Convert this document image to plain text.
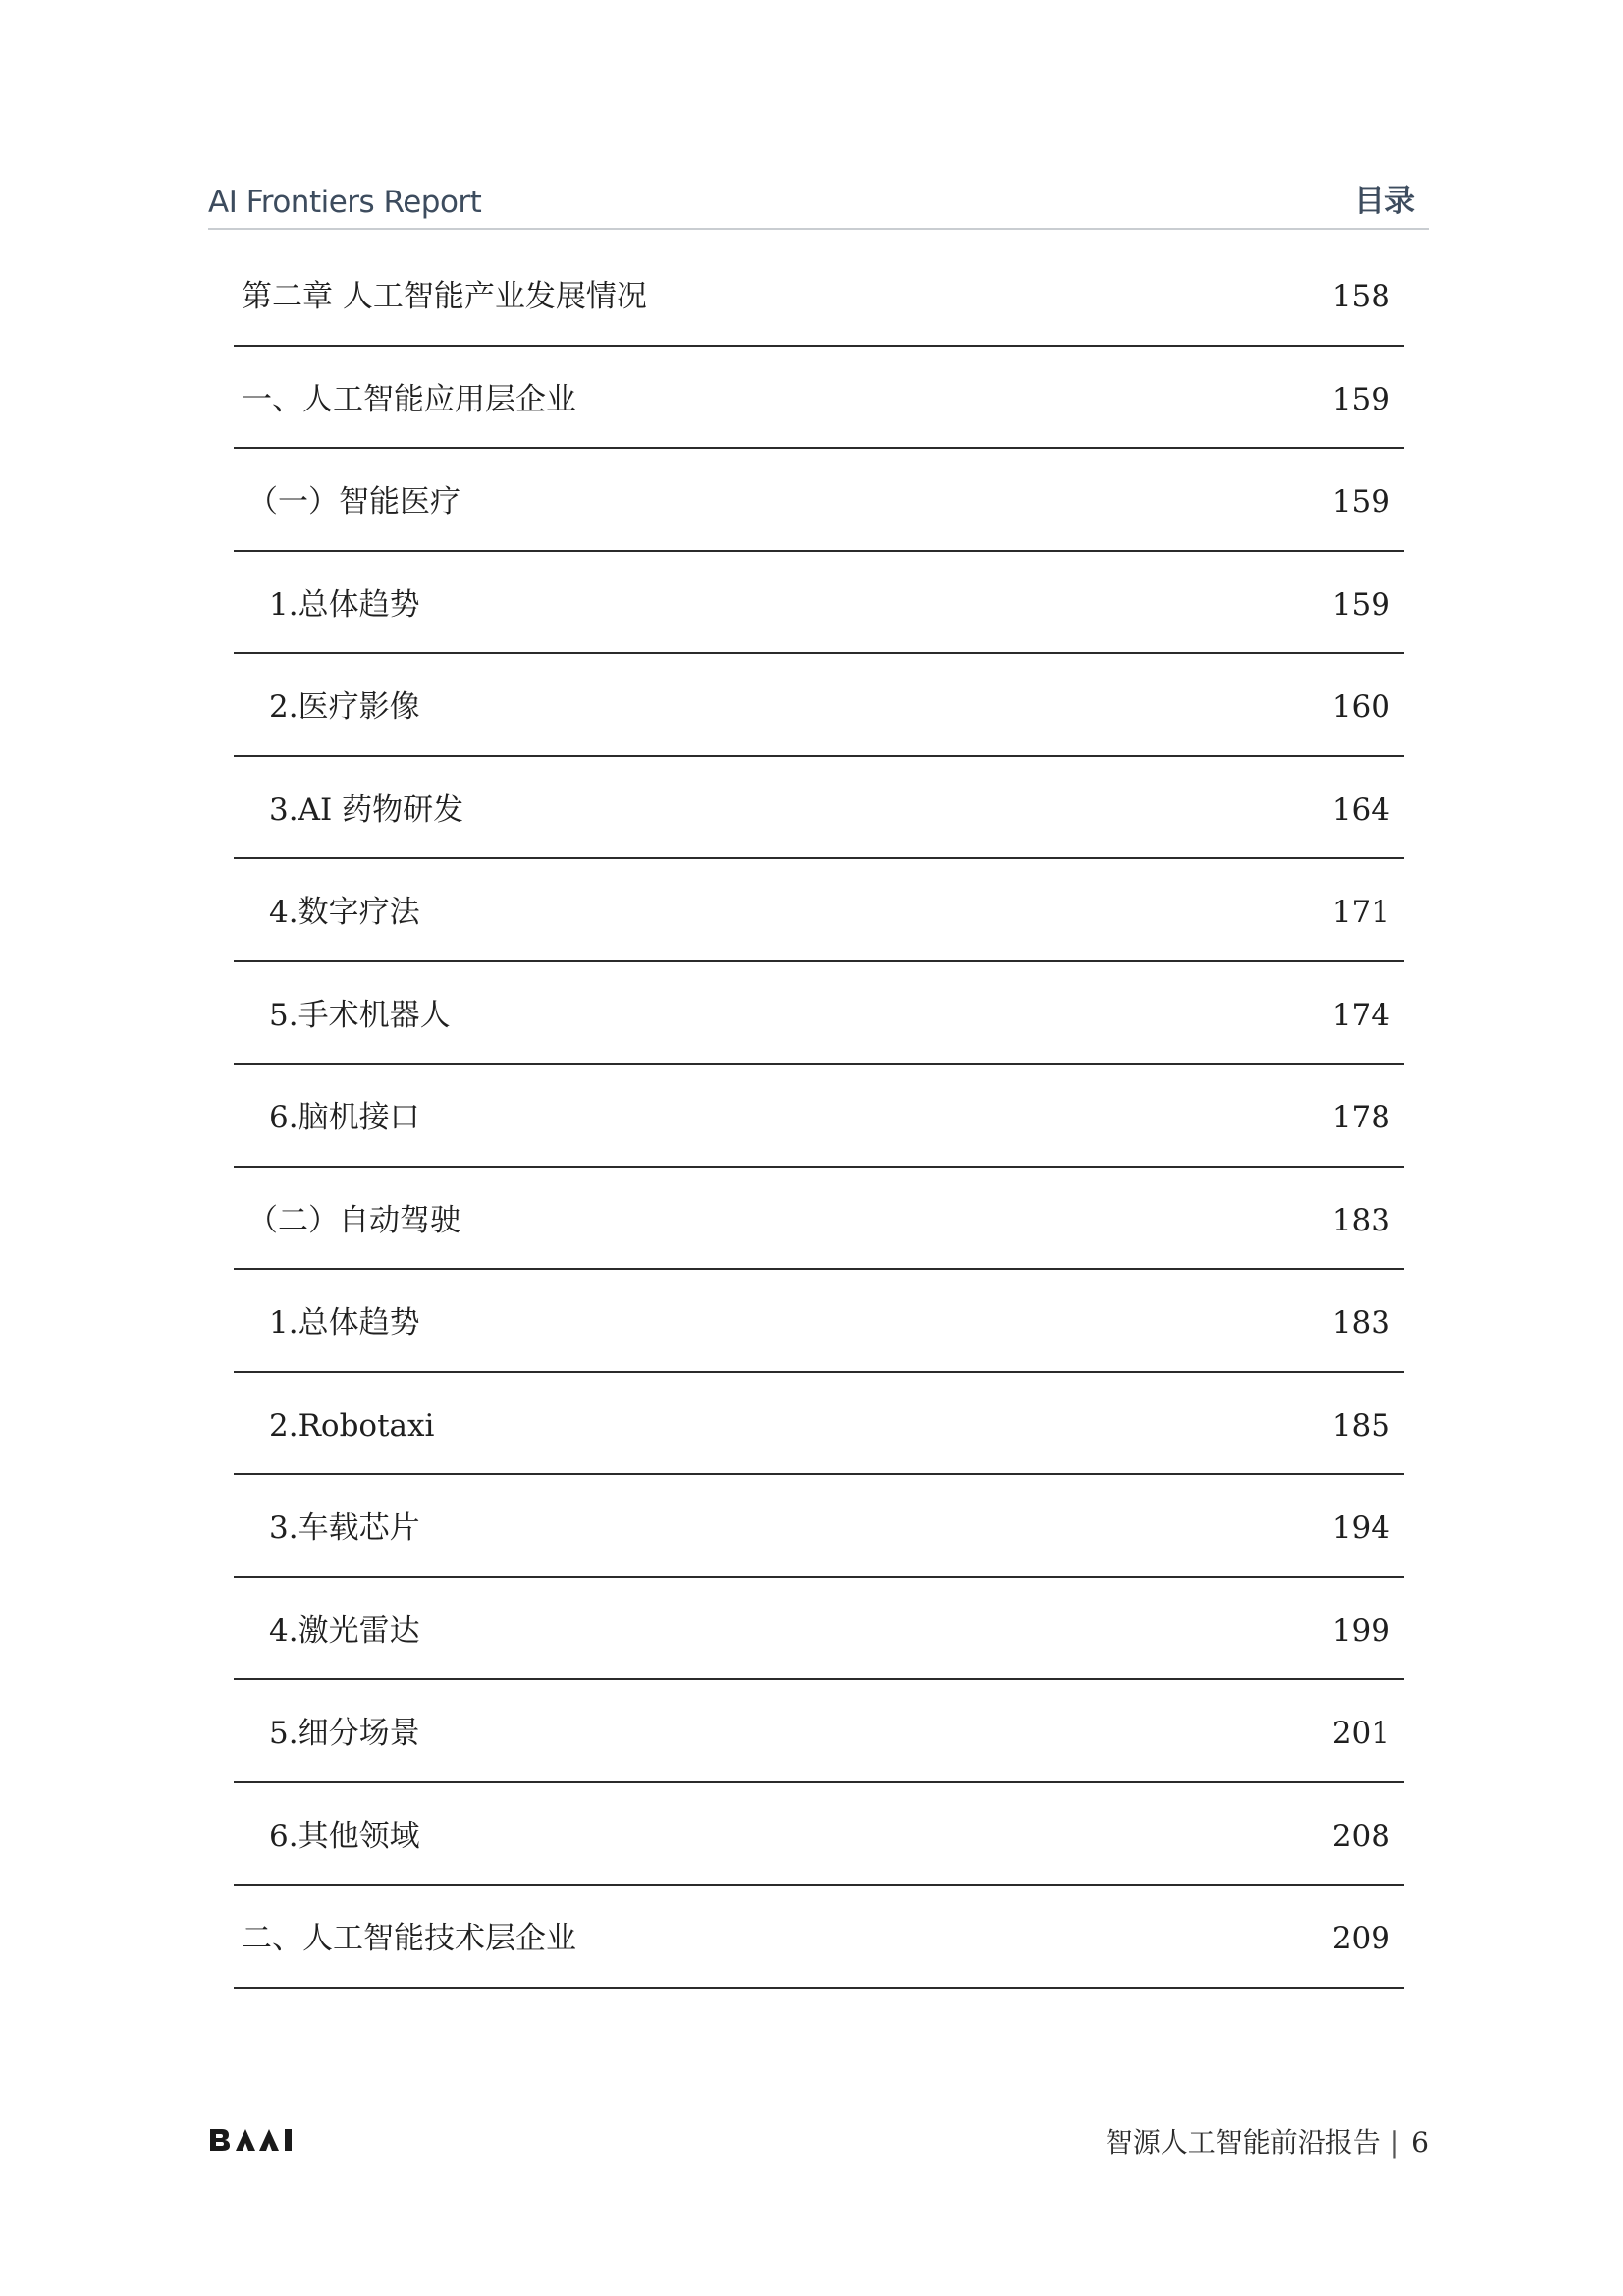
AI Frontiers Report	目录
第二章 人工智能产业发展情况	158
一、人工智能应用层企业	159
（一）智能医疗	159
1.总体趋势	159
2.医疗影像	160
3.AI 药物研发	164
4.数字疗法	171
5.手术机器人	174
6.脑机接口	178
（二）自动驾驶	183
1.总体趋势	183
2.Robotaxi	185
3.车载芯片	194
4.激光雷达	199
5.细分场景	201
6.其他领域	208
二、人工智能技术层企业	209
智源人工智能前沿报告 | 6
